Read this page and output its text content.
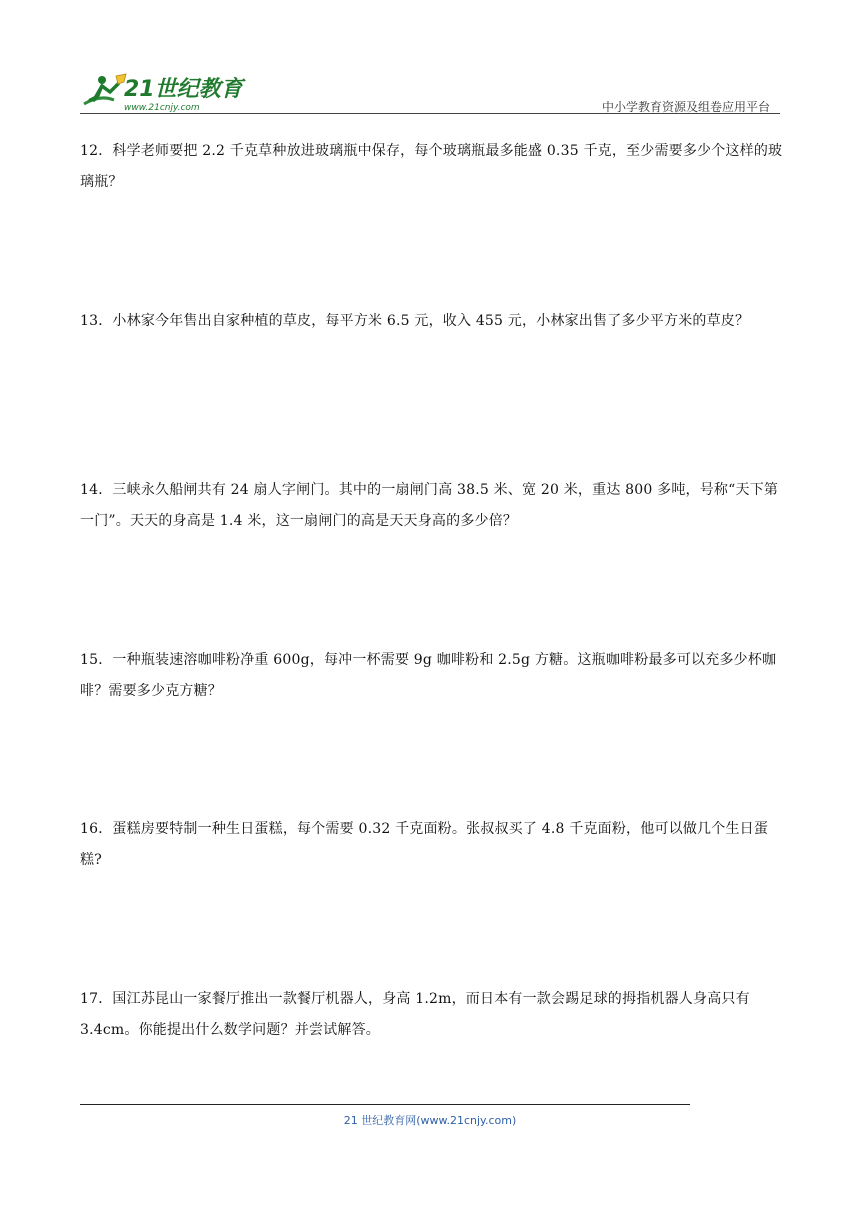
21世纪教育
www.21cnjy.com	中小学教育资源及组卷应用平台
12．科学老师要把 2.2 千克草种放进玻璃瓶中保存，每个玻璃瓶最多能盛 0.35 千克，至少需要多少个这样的玻璃瓶？
13．小林家今年售出自家种植的草皮，每平方米 6.5 元，收入 455 元，小林家出售了多少平方米的草皮？
14．三峡永久船闸共有 24 扇人字闸门。其中的一扇闸门高 38.5 米、宽 20 米，重达 800 多吨，号称“天下第一门”。天天的身高是 1.4 米，这一扇闸门的高是天天身高的多少倍？
15．一种瓶装速溶咖啡粉净重 600g，每冲一杯需要 9g 咖啡粉和 2.5g 方糖。这瓶咖啡粉最多可以充多少杯咖啡？需要多少克方糖？
16．蛋糕房要特制一种生日蛋糕，每个需要 0.32 千克面粉。张叔叔买了 4.8 千克面粉，他可以做几个生日蛋糕?
17．国江苏昆山一家餐厅推出一款餐厅机器人，身高 1.2m，而日本有一款会踢足球的拇指机器人身高只有 3.4cm。你能提出什么数学问题？并尝试解答。
21 世纪教育网(www.21cnjy.com)
